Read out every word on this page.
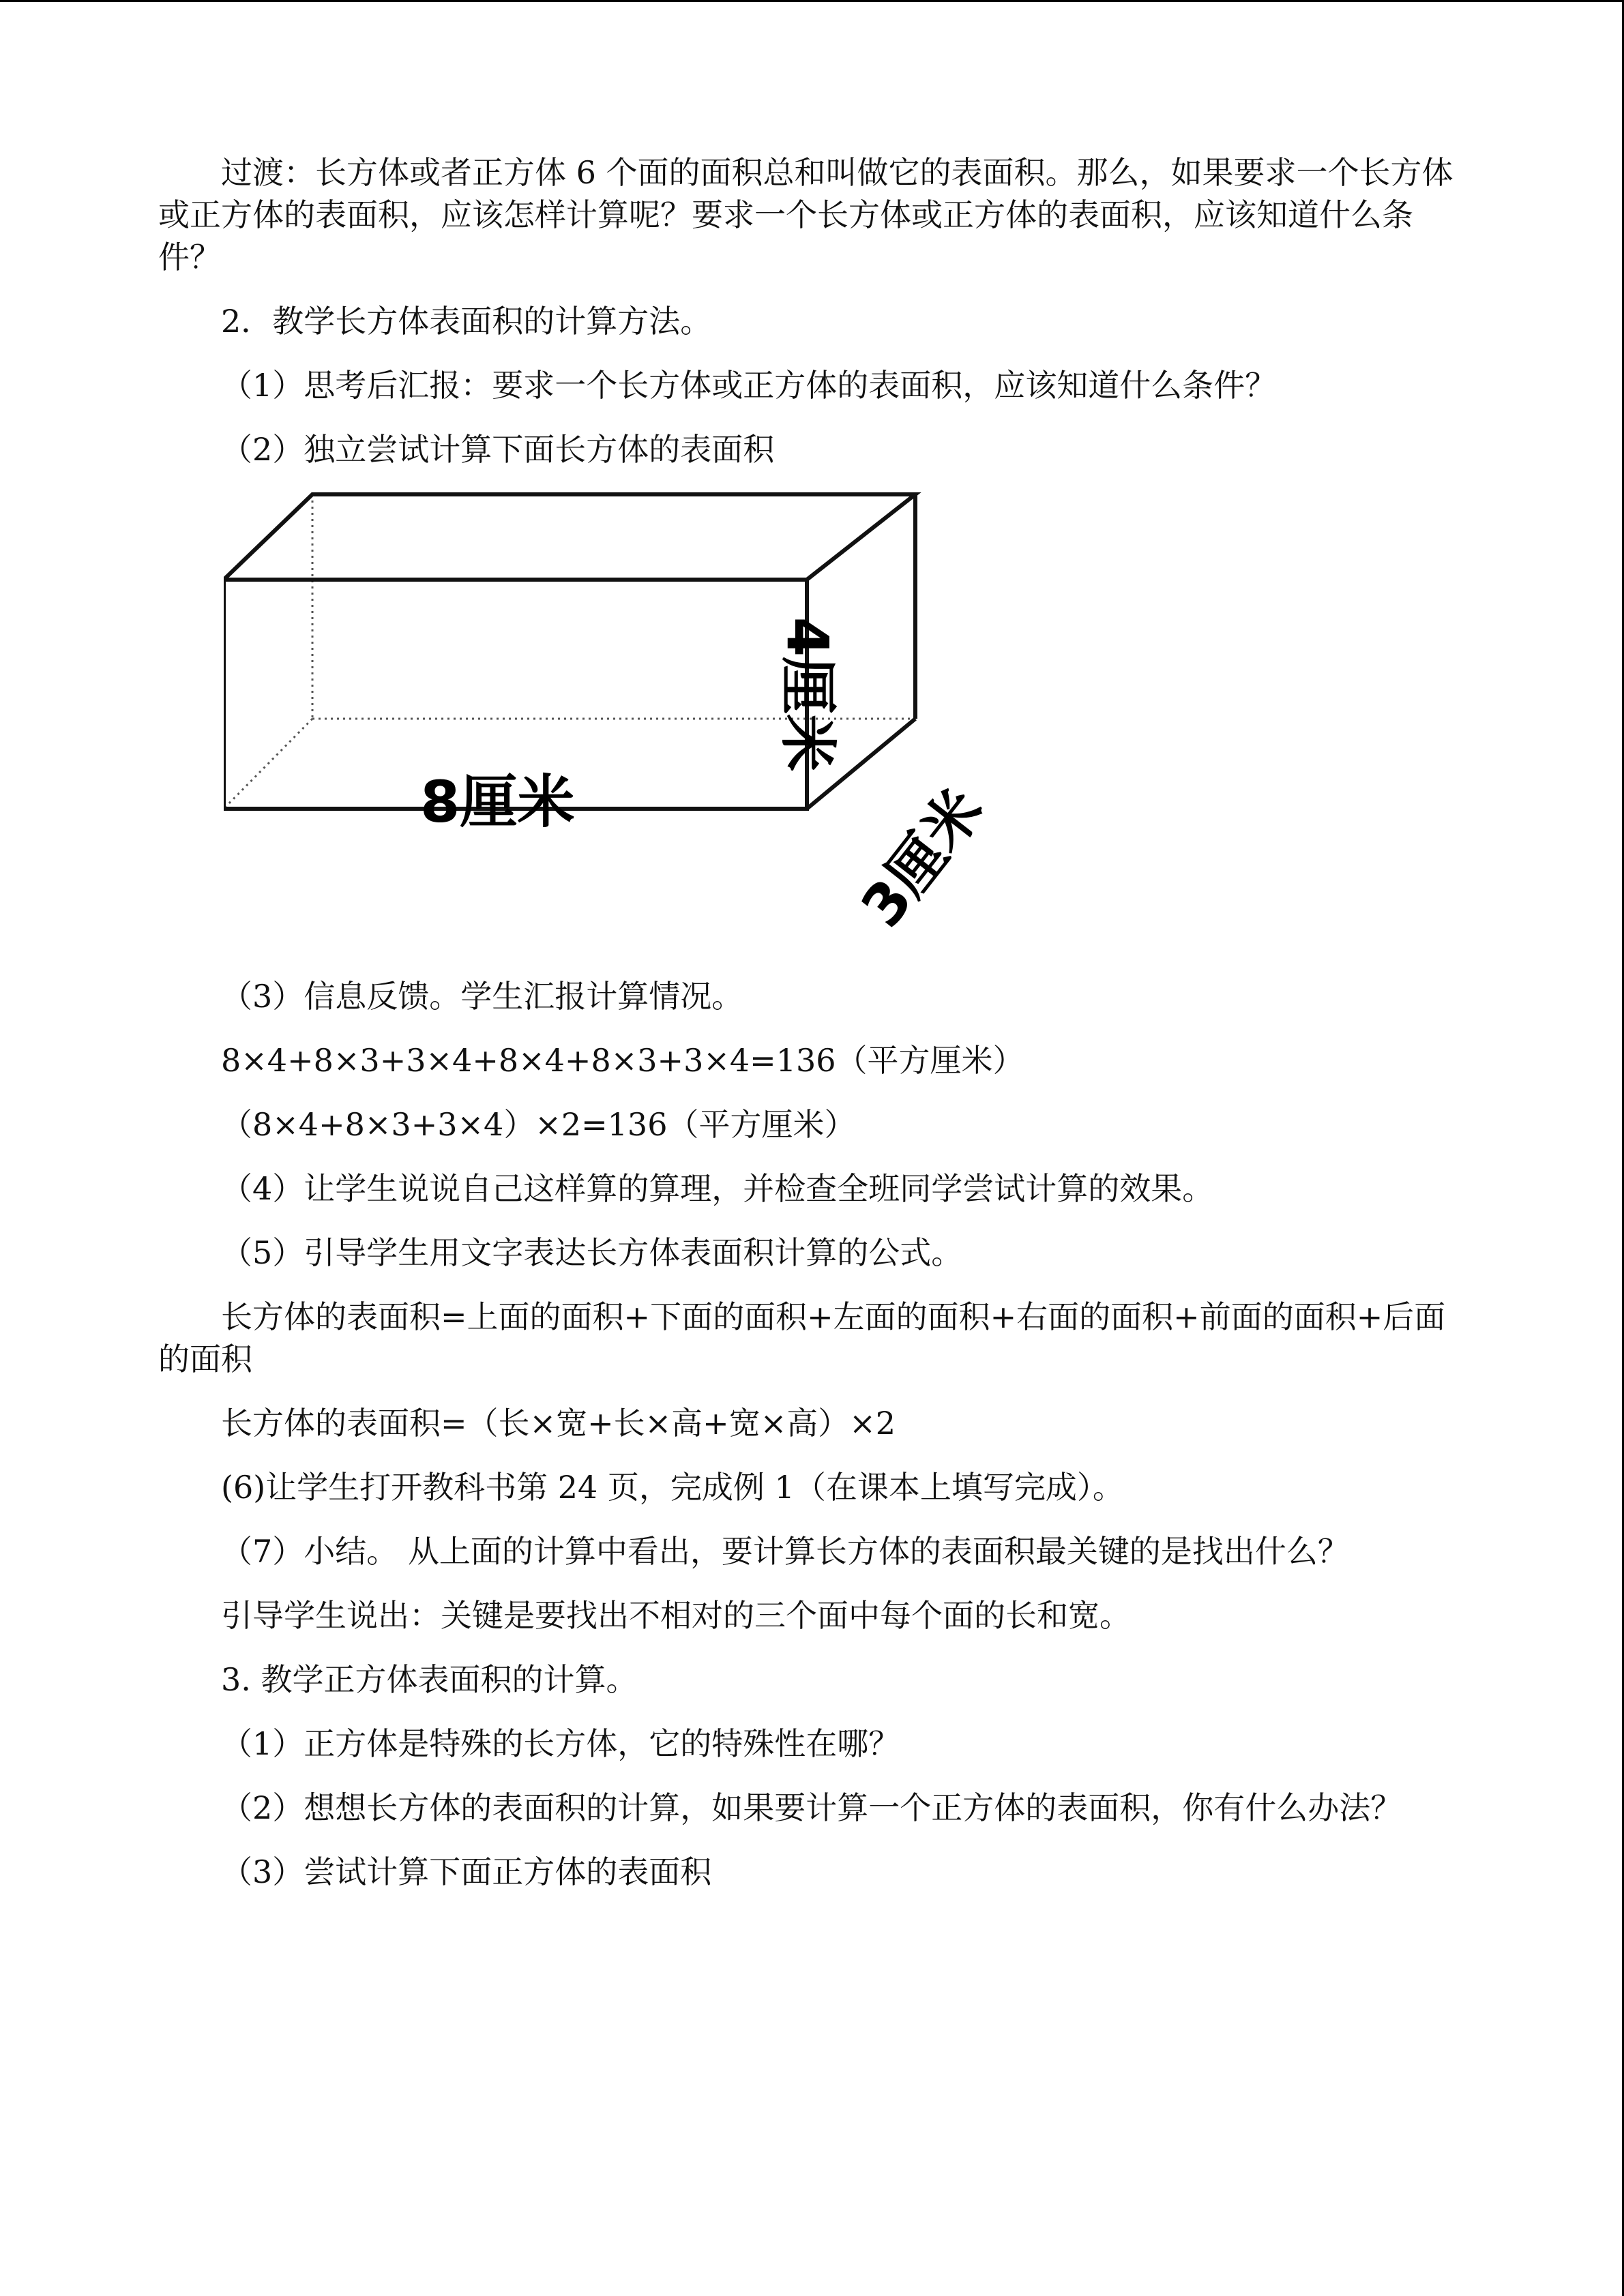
过渡：长方体或者正方体 6 个面的面积总和叫做它的表面积。那么，如果要求一个长方体或正方体的表面积，应该怎样计算呢？要求一个长方体或正方体的表面积，应该知道什么条件？

2．教学长方体表面积的计算方法。

（1）思考后汇报：要求一个长方体或正方体的表面积，应该知道什么条件？

（2）独立尝试计算下面长方体的表面积

8厘米
4厘米
3厘米

（3）信息反馈。学生汇报计算情况。

8×4+8×3+3×4+8×4+8×3+3×4=136（平方厘米）

（8×4+8×3+3×4）×2=136（平方厘米）

（4）让学生说说自己这样算的算理，并检查全班同学尝试计算的效果。

（5）引导学生用文字表达长方体表面积计算的公式。

长方体的表面积=上面的面积+下面的面积+左面的面积+右面的面积+前面的面积+后面的面积

长方体的表面积=（长×宽+长×高+宽×高）×2

(6)让学生打开教科书第 24 页，完成例 1（在课本上填写完成）。

（7）小结。 从上面的计算中看出，要计算长方体的表面积最关键的是找出什么？

引导学生说出：关键是要找出不相对的三个面中每个面的长和宽。

3. 教学正方体表面积的计算。

（1）正方体是特殊的长方体，它的特殊性在哪？

（2）想想长方体的表面积的计算，如果要计算一个正方体的表面积，你有什么办法？

（3）尝试计算下面正方体的表面积
